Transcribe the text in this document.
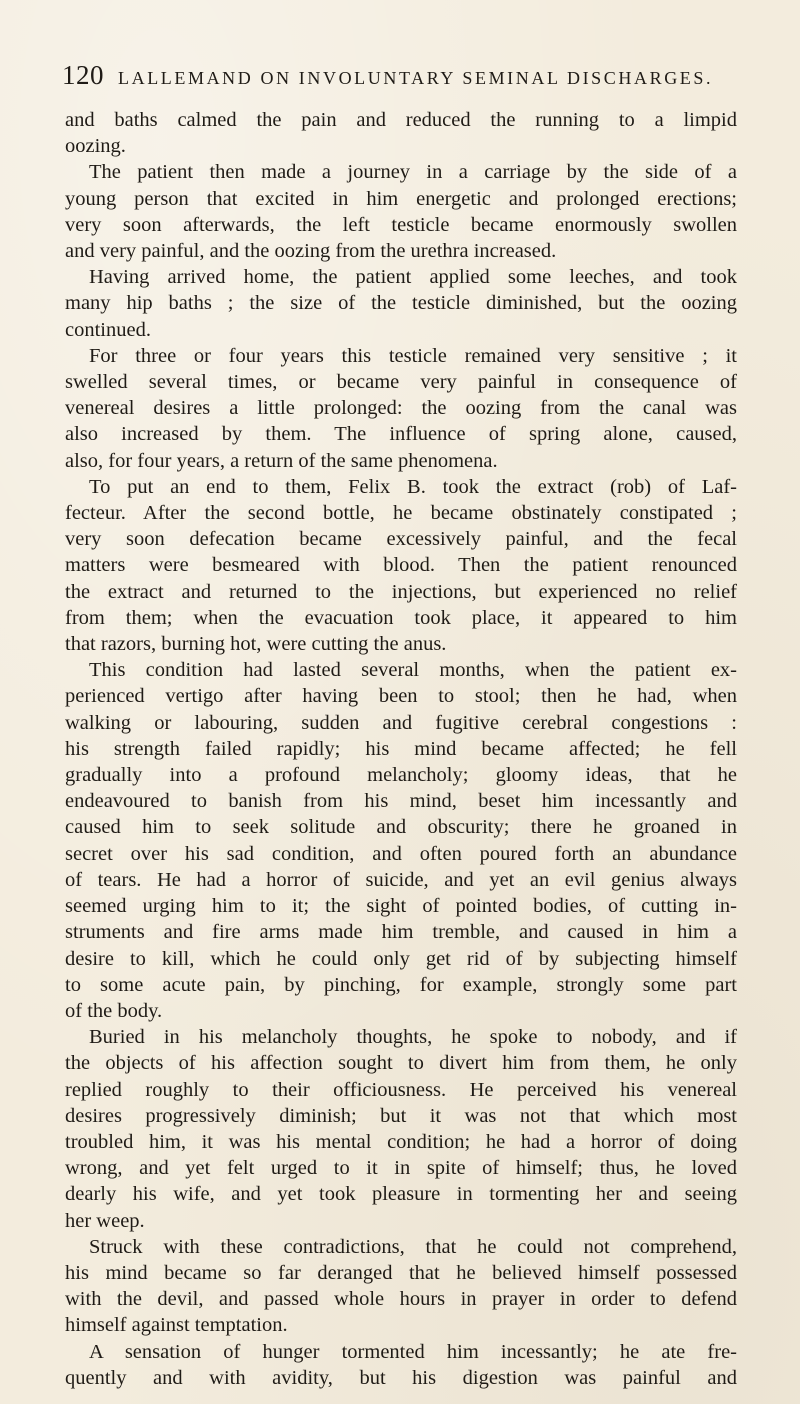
120 LALLEMAND ON INVOLUNTARY SEMINAL DISCHARGES.

and baths calmed the pain and reduced the running to a limpid
oozing.

The patient then made a journey in a carriage by the side of a
young person that excited in him energetic and prolonged erections;
very soon afterwards, the left testicle became enormously swollen
and very painful, and the oozing from the urethra increased.

Having arrived home, the patient applied some leeches, and took
many hip baths ; the size of the testicle diminished, but the oozing
continued.

For three or four years this testicle remained very sensitive ; it
swelled several times, or became very painful in consequence of
venereal desires a little prolonged: the oozing from the canal was
also increased by them. The influence of spring alone, caused,
also, for four years, a return of the same phenomena.

To put an end to them, Felix B. took the extract (rob) of Laf-
fecteur. After the second bottle, he became obstinately constipated ;
very soon defecation became excessively painful, and the fecal
matters were besmeared with blood. Then the patient renounced
the extract and returned to the injections, but experienced no relief
from them; when the evacuation took place, it appeared to him
that razors, burning hot, were cutting the anus.

This condition had lasted several months, when the patient ex-
perienced vertigo after having been to stool; then he had, when
walking or labouring, sudden and fugitive cerebral congestions :
his strength failed rapidly; his mind became affected; he fell
gradually into a profound melancholy; gloomy ideas, that he
endeavoured to banish from his mind, beset him incessantly and
caused him to seek solitude and obscurity; there he groaned in
secret over his sad condition, and often poured forth an abundance
of tears. He had a horror of suicide, and yet an evil genius always
seemed urging him to it; the sight of pointed bodies, of cutting in-
struments and fire arms made him tremble, and caused in him a
desire to kill, which he could only get rid of by subjecting himself
to some acute pain, by pinching, for example, strongly some part
of the body.

Buried in his melancholy thoughts, he spoke to nobody, and if
the objects of his affection sought to divert him from them, he only
replied roughly to their officiousness. He perceived his venereal
desires progressively diminish; but it was not that which most
troubled him, it was his mental condition; he had a horror of doing
wrong, and yet felt urged to it in spite of himself; thus, he loved
dearly his wife, and yet took pleasure in tormenting her and seeing
her weep.

Struck with these contradictions, that he could not comprehend,
his mind became so far deranged that he believed himself possessed
with the devil, and passed whole hours in prayer in order to defend
himself against temptation.

A sensation of hunger tormented him incessantly; he ate fre-
quently and with avidity, but his digestion was painful and
